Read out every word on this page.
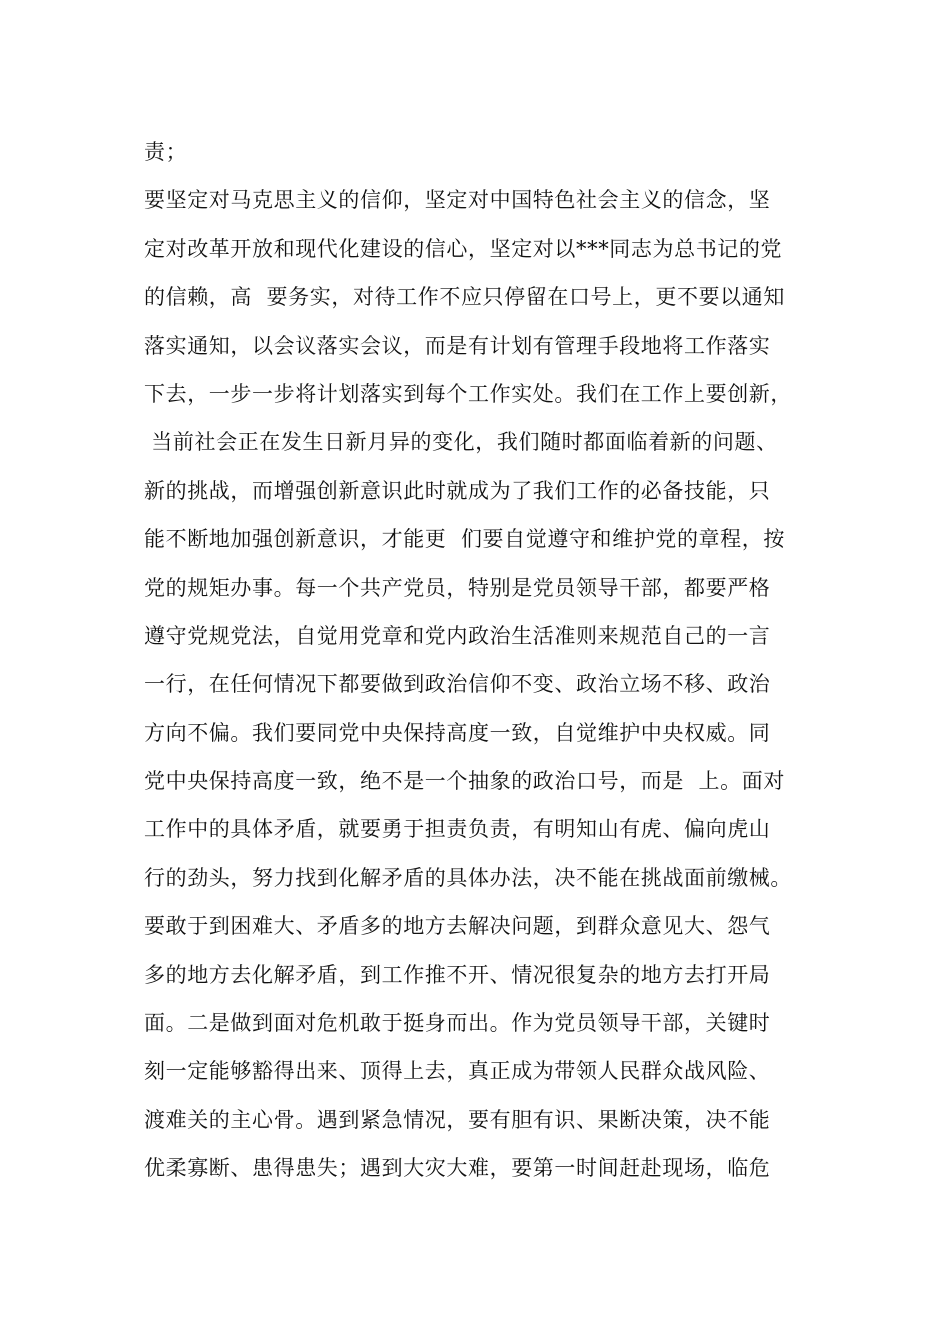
责；
要坚定对马克思主义的信仰，坚定对中国特色社会主义的信念，坚
定对改革开放和现代化建设的信心，坚定对以***同志为总书记的党
的信赖，高  要务实，对待工作不应只停留在口号上，更不要以通知
落实通知，以会议落实会议，而是有计划有管理手段地将工作落实
下去，一步一步将计划落实到每个工作实处。我们在工作上要创新，
当前社会正在发生日新月异的变化，我们随时都面临着新的问题、
新的挑战，而增强创新意识此时就成为了我们工作的必备技能，只
能不断地加强创新意识，才能更  们要自觉遵守和维护党的章程，按
党的规矩办事。每一个共产党员，特别是党员领导干部，都要严格
遵守党规党法，自觉用党章和党内政治生活准则来规范自己的一言
一行，在任何情况下都要做到政治信仰不变、政治立场不移、政治
方向不偏。我们要同党中央保持高度一致，自觉维护中央权威。同
党中央保持高度一致，绝不是一个抽象的政治口号，而是  上。面对
工作中的具体矛盾，就要勇于担责负责，有明知山有虎、偏向虎山
行的劲头，努力找到化解矛盾的具体办法，决不能在挑战面前缴械。
要敢于到困难大、矛盾多的地方去解决问题，到群众意见大、怨气
多的地方去化解矛盾，到工作推不开、情况很复杂的地方去打开局
面。二是做到面对危机敢于挺身而出。作为党员领导干部，关键时
刻一定能够豁得出来、顶得上去，真正成为带领人民群众战风险、
渡难关的主心骨。遇到紧急情况，要有胆有识、果断决策，决不能
优柔寡断、患得患失；遇到大灾大难，要第一时间赶赴现场，临危
